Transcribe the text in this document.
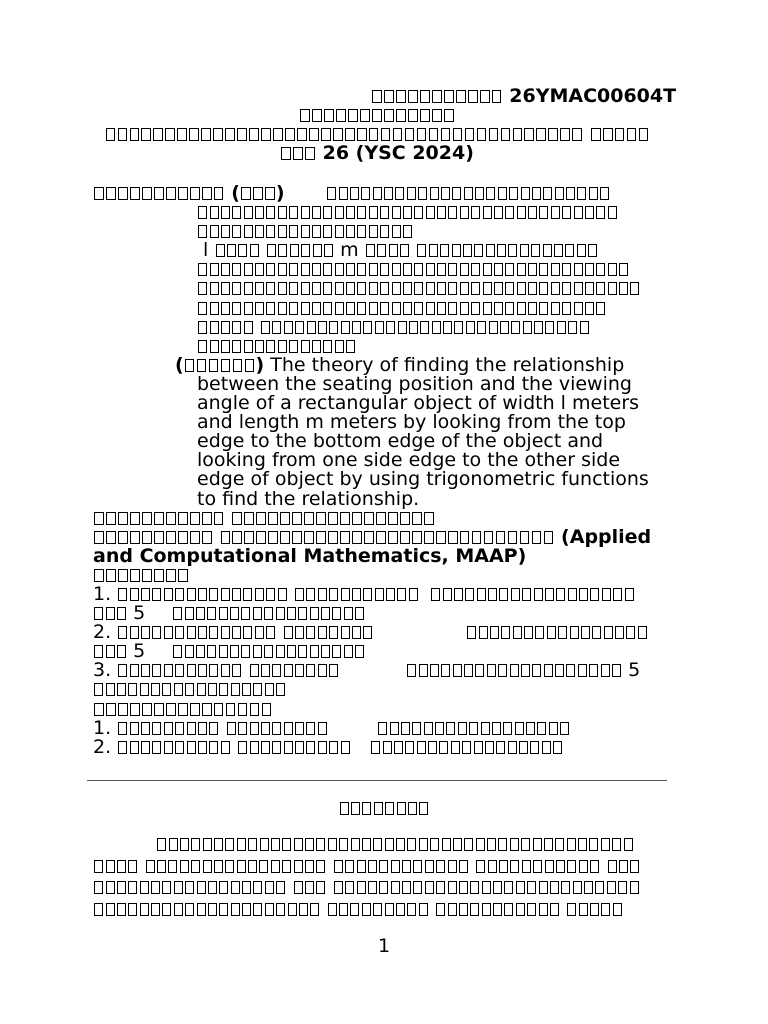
26YMAC00604T

26 (YSC 2024)
( )
l	m

(	) The theory of finding the relationship
between the seating position and the viewing
angle of a rectangular object of width l meters
and length m meters by looking from the top
edge to the bottom edge of the object and
looking from one side edge to the other side
edge of object by using trigonometric functions
to find the relationship.

(Applied
and Computational Mathematics, MAAP)
1.
5
2.
5
3.	5
1.
2.

1
